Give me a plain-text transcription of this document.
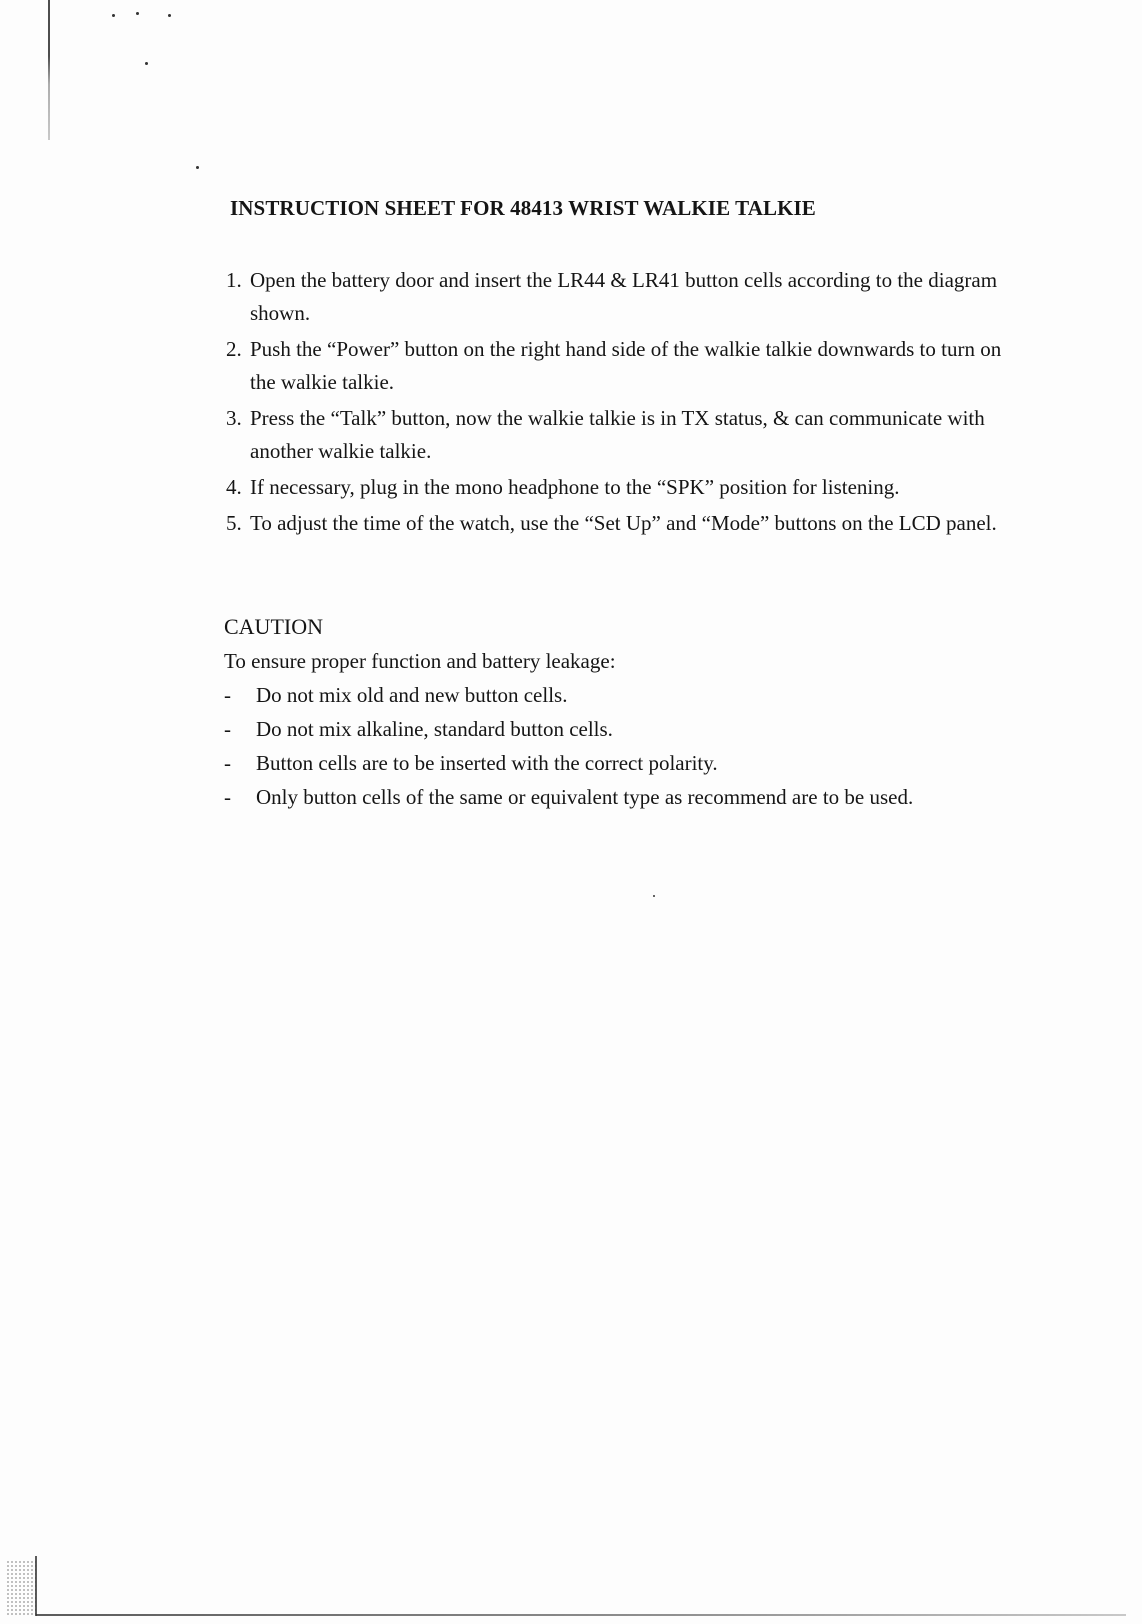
INSTRUCTION SHEET FOR 48413 WRIST WALKIE TALKIE
1. Open the battery door and insert the LR44 & LR41 button cells according to the diagram shown.
2. Push the “Power” button on the right hand side of the walkie talkie downwards to turn on the walkie talkie.
3. Press the “Talk” button, now the walkie talkie is in TX status, & can communicate with another walkie talkie.
4. If necessary, plug in the mono headphone to the “SPK” position for listening.
5. To adjust the time of the watch, use the “Set Up” and “Mode” buttons on the LCD panel.
CAUTION
To ensure proper function and battery leakage:
- Do not mix old and new button cells.
- Do not mix alkaline, standard button cells.
- Button cells are to be inserted with the correct polarity.
- Only button cells of the same or equivalent type as recommend are to be used.
